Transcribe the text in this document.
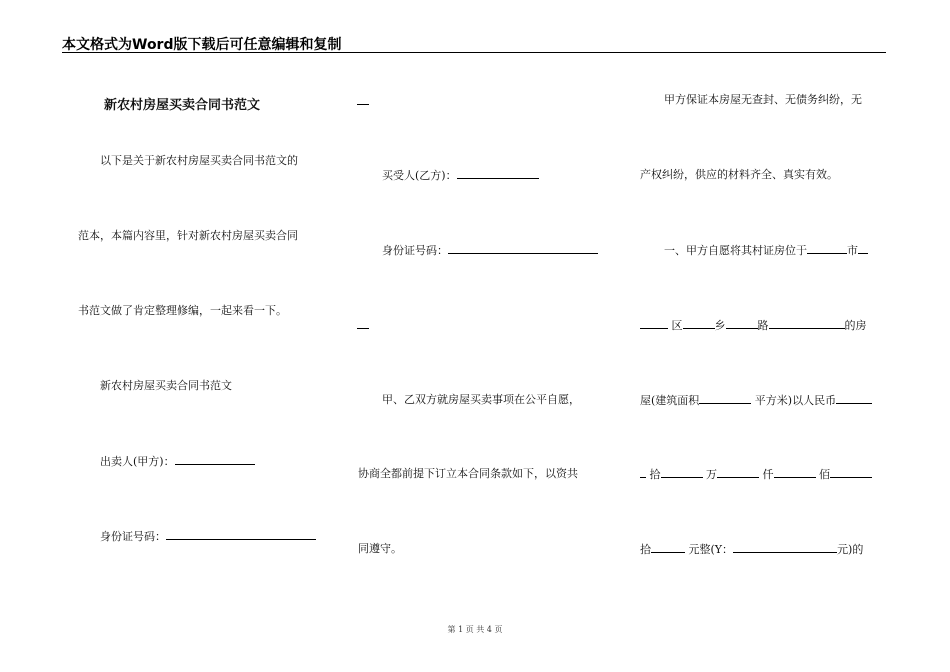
本文格式为Word版下载后可任意编辑和复制
新农村房屋买卖合同书范文
以下是关于新农村房屋买卖合同书范文的
范本，本篇内容里，针对新农村房屋买卖合同
书范文做了肯定整理修编，一起来看一下。
新农村房屋买卖合同书范文
出卖人(甲方)：
身份证号码：
买受人(乙方)：
身份证号码：
甲、乙双方就房屋买卖事项在公平自愿，
协商全都前提下订立本合同条款如下，以资共
同遵守。
甲方保证本房屋无查封、无债务纠纷，无
产权纠纷，供应的材料齐全、真实有效。
一、甲方自愿将其村证房位于	市
区	乡	路	的房
屋(建筑面积	平方米)以人民币
拾	万	仟	佰
拾	元整(Y：	元)的
第 1 页 共 4 页
